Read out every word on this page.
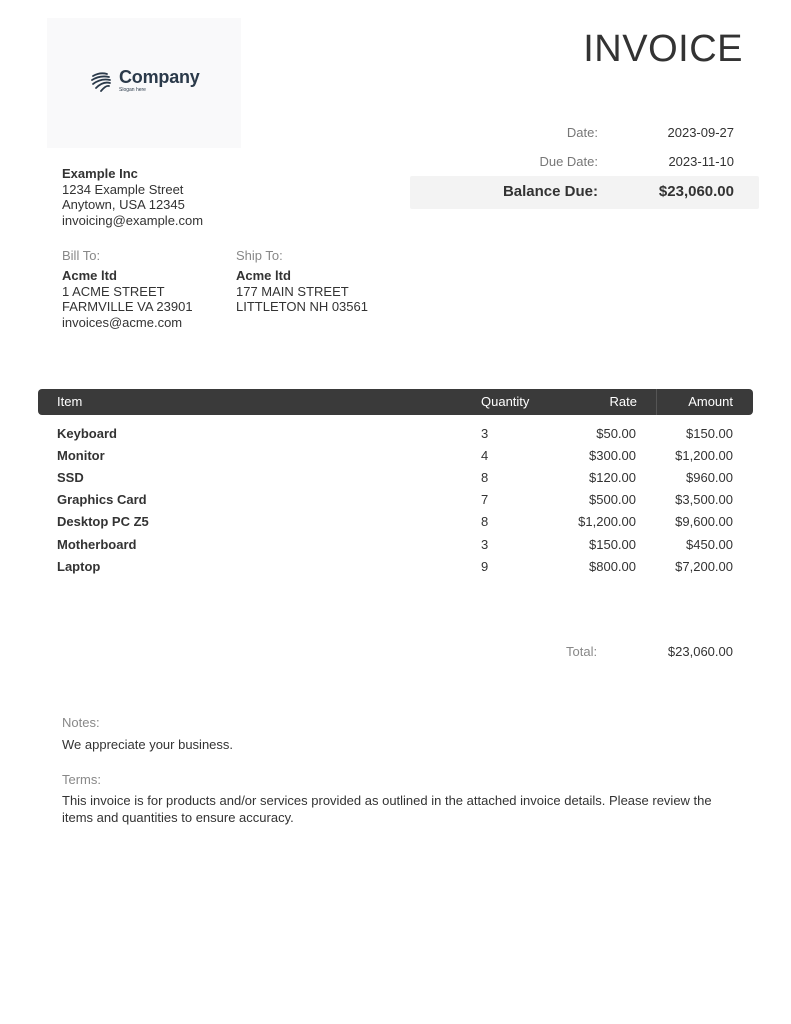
Company
Slogan here
INVOICE
Date:	2023-09-27
Due Date:	2023-11-10
Balance Due:	$23,060.00
Example Inc
1234 Example Street
Anytown, USA 12345
invoicing@example.com
Bill To:
Acme ltd
1 ACME STREET
FARMVILLE VA 23901
invoices@acme.com
Ship To:
Acme ltd
177 MAIN STREET
LITTLETON NH 03561
Item	Quantity	Rate	Amount
Keyboard	3	$50.00	$150.00
Monitor	4	$300.00	$1,200.00
SSD	8	$120.00	$960.00
Graphics Card	7	$500.00	$3,500.00
Desktop PC Z5	8	$1,200.00	$9,600.00
Motherboard	3	$150.00	$450.00
Laptop	9	$800.00	$7,200.00
Total:	$23,060.00
Notes:
We appreciate your business.
Terms:
This invoice is for products and/or services provided as outlined in the attached invoice details. Please review the items and quantities to ensure accuracy.
